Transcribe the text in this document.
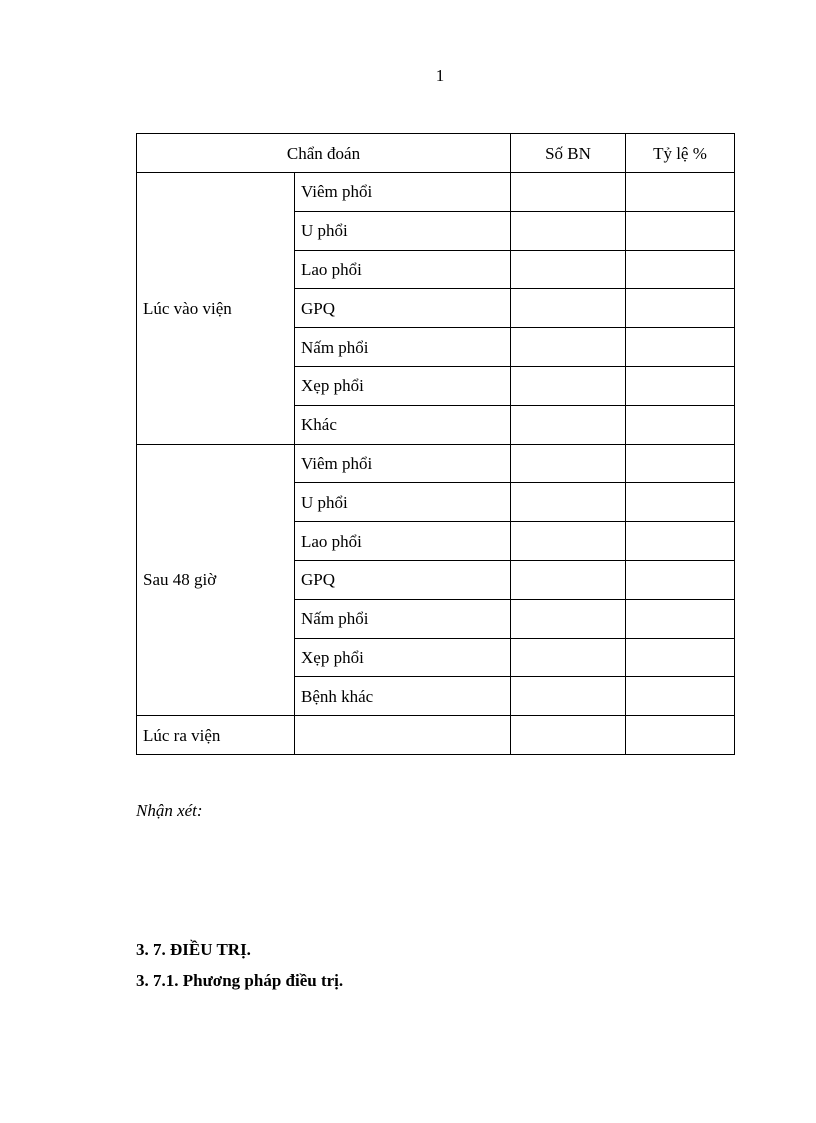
1
Chẩn đoán		Số BN	Tỷ lệ %
Lúc vào viện	Viêm phổi		
	U phổi		
	Lao phổi		
	GPQ		
	Nấm phổi		
	Xẹp phổi		
	Khác		
Sau 48 giờ	Viêm phổi		
	U phổi		
	Lao phổi		
	GPQ		
	Nấm phổi		
	Xẹp phổi		
	Bệnh khác		
Lúc ra viện			
Nhận xét:
3. 7. ĐIỀU TRỊ.
3. 7.1. Phương pháp điều trị.
